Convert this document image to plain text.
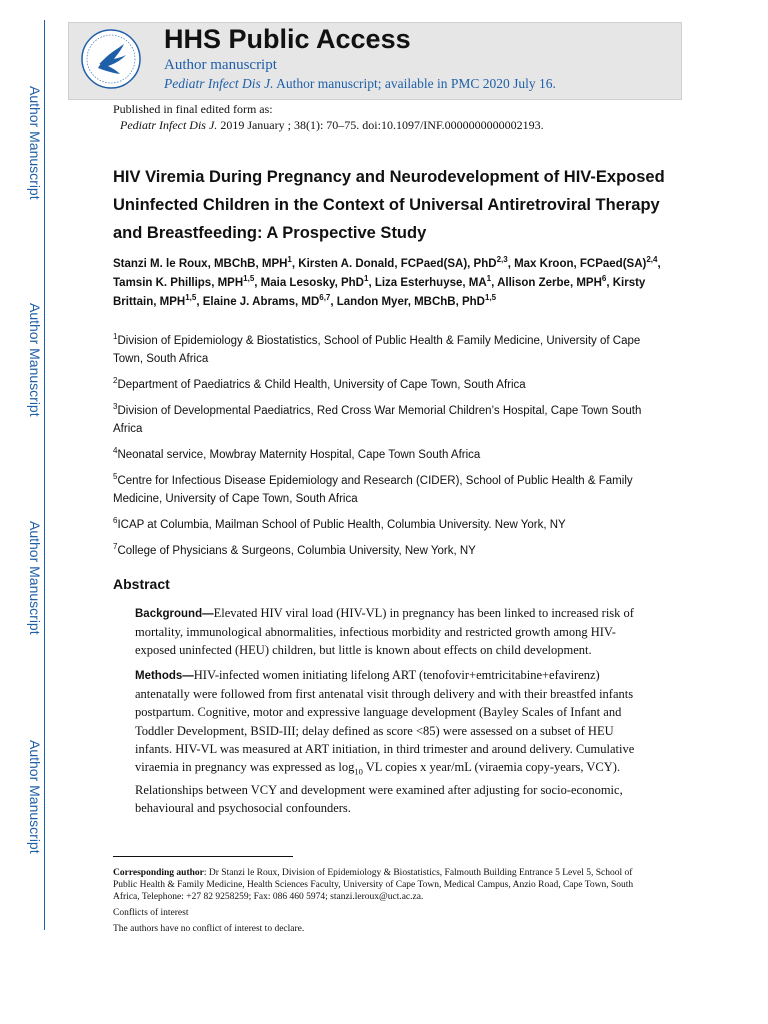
Author Manuscript
Author Manuscript
Author Manuscript
Author Manuscript
HHS Public Access
Author manuscript
Pediatr Infect Dis J. Author manuscript; available in PMC 2020 July 16.
Published in final edited form as:
Pediatr Infect Dis J. 2019 January ; 38(1): 70–75. doi:10.1097/INF.0000000000002193.
HIV Viremia During Pregnancy and Neurodevelopment of HIV-Exposed Uninfected Children in the Context of Universal Antiretroviral Therapy and Breastfeeding: A Prospective Study
Stanzi M. le Roux, MBChB, MPH$^1$, Kirsten A. Donald, FCPaed(SA), PhD$^{2,3}$, Max Kroon, FCPaed(SA)$^{2,4}$, Tamsin K. Phillips, MPH$^{1,5}$, Maia Lesosky, PhD$^1$, Liza Esterhuyse, $MA^1$, Allison Zerbe, MPH$^6$, Kirsty Brittain, MPH$^{1,5}$, Elaine J. Abrams, MD$^{6,7}$, Landon Myer, MBChB, PhD$^{1,5}$
$^1$Division of Epidemiology & Biostatistics, School of Public Health & Family Medicine, University of Cape Town, South Africa
$^2$Department of Paediatrics & Child Health, University of Cape Town, South Africa
$^3$Division of Developmental Paediatrics, Red Cross War Memorial Children’s Hospital, Cape Town South Africa
$^4$Neonatal service, Mowbray Maternity Hospital, Cape Town South Africa
$^5$Centre for Infectious Disease Epidemiology and Research (CIDER), School of Public Health & Family Medicine, University of Cape Town, South Africa
$^6$ICAP at Columbia, Mailman School of Public Health, Columbia University. New York, NY
$^7$College of Physicians & Surgeons, Columbia University, New York, NY
Abstract
Background—Elevated HIV viral load (HIV-VL) in pregnancy has been linked to increased risk of mortality, immunological abnormalities, infectious morbidity and restricted growth among HIV-exposed uninfected (HEU) children, but little is known about effects on child development.
Methods—HIV-infected women initiating lifelong ART (tenofovir+emtricitabine+efavirenz) antenatally were followed from first antenatal visit through delivery and with their breastfed infants postpartum. Cognitive, motor and expressive language development (Bayley Scales of Infant and Toddler Development, BSID-III; delay defined as score <85) were assessed on a subset of HEU infants. HIV-VL was measured at ART initiation, in third trimester and around delivery. Cumulative viraemia in pregnancy was expressed as $\log_{10}$ VL copies x year/mL (viraemia copy-years, VCY). Relationships between VCY and development were examined after adjusting for socio-economic, behavioural and psychosocial confounders.
Corresponding author: Dr Stanzi le Roux, Division of Epidemiology & Biostatistics, Falmouth Building Entrance 5 Level 5, School of Public Health & Family Medicine, Health Sciences Faculty, University of Cape Town, Medical Campus, Anzio Road, Cape Town, South Africa, Telephone: +27 82 9258259; Fax: 086 460 5974; stanzi.leroux@uct.ac.za.
Conflicts of interest
The authors have no conflict of interest to declare.
